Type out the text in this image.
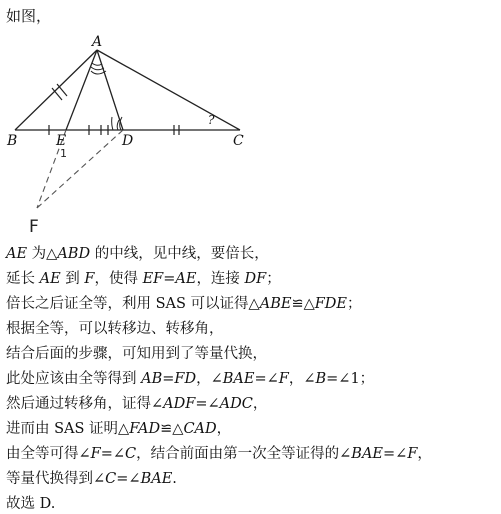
如图，
A
B	E	D	C
?
1
F
AE 为△ABD 的中线，见中线，要倍长，
延长 AE 到 F，使得 EF=AE，连接 DF；
倍长之后证全等，利用 SAS 可以证得△ABE≌△FDE；
根据全等，可以转移边、转移角，
结合后面的步骤，可知用到了等量代换，
此处应该由全等得到 AB=FD，∠BAE=∠F，∠B=∠1；
然后通过转移角，证得∠ADF=∠ADC，
进而由 SAS 证明△FAD≌△CAD，
由全等可得∠F=∠C，结合前面由第一次全等证得的∠BAE=∠F，
等量代换得到∠C=∠BAE.
故选 D.
